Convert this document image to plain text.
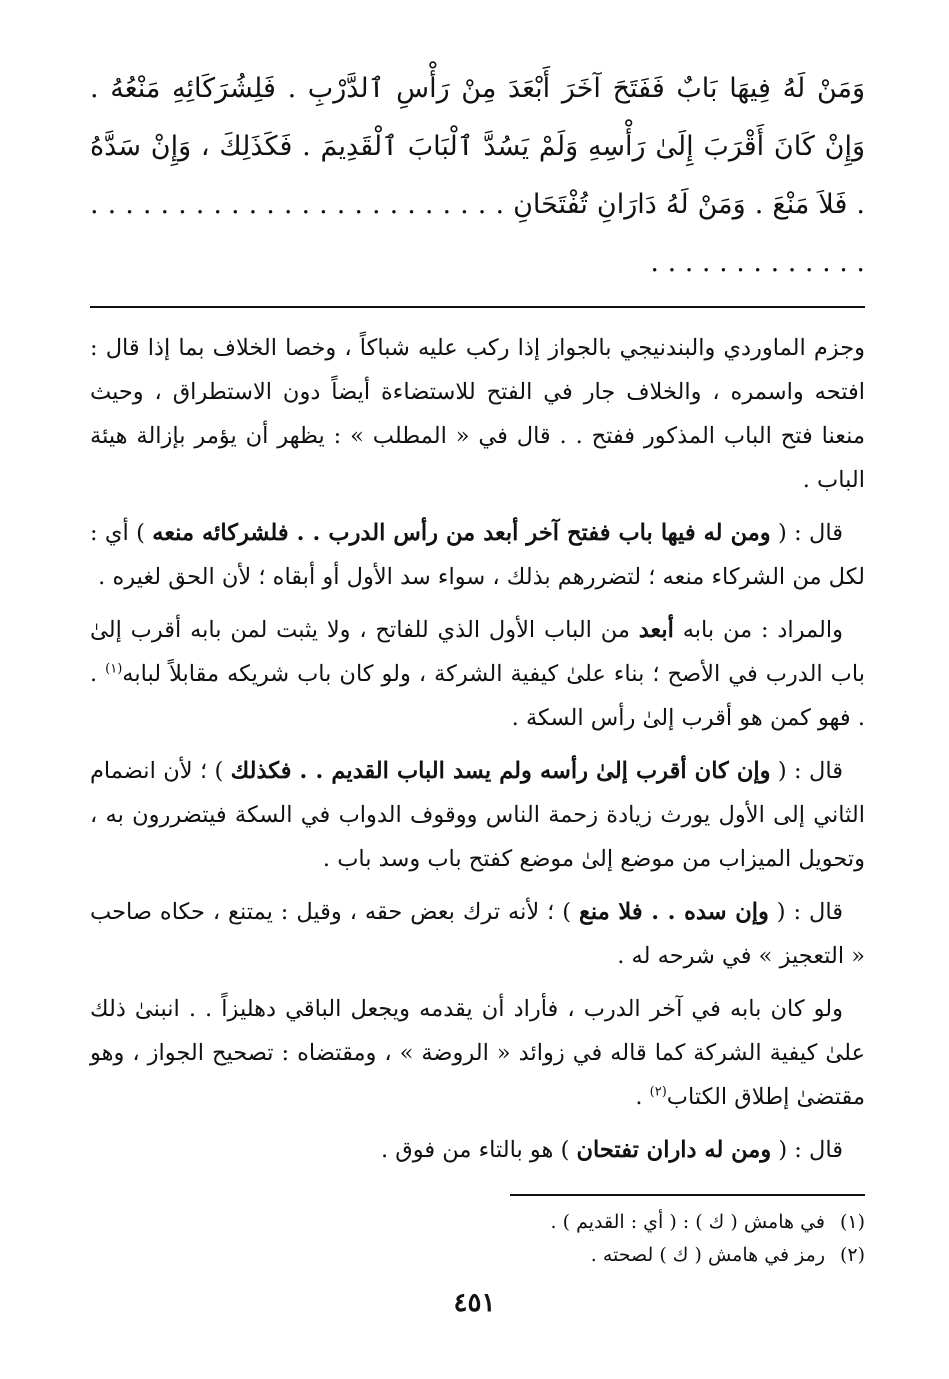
وَمَنْ لَهُ فِيهَا بَابٌ فَفَتَحَ آخَرَ أَبْعَدَ مِنْ رَأْسِ ٱلدَّرْبِ . فَلِشُرَكَائِهِ مَنْعُهُ . وَإِنْ كَانَ أَقْرَبَ إِلَىٰ رَأْسِهِ وَلَمْ يَسُدَّ ٱلْبَابَ ٱلْقَدِيمَ . فَكَذَلِكَ ، وَإِنْ سَدَّهُ . فَلاَ مَنْعَ . وَمَنْ لَهُ دَارَانِ تُفْتَحَانِ . . . . . . . . . . . . . . . . . . . . . . . . . . . . . . . . . . . . .

وجزم الماوردي والبندنيجي بالجواز إذا ركب عليه شباكاً ، وخصا الخلاف بما إذا قال : افتحه واسمره ، والخلاف جار في الفتح للاستضاءة أيضاً دون الاستطراق ، وحيث منعنا فتح الباب المذكور ففتح . . قال في « المطلب » : يظهر أن يؤمر بإزالة هيئة الباب .

قال : ( ومن له فيها باب ففتح آخر أبعد من رأس الدرب . . فلشركائه منعه ) أي : لكل من الشركاء منعه ؛ لتضررهم بذلك ، سواء سد الأول أو أبقاه ؛ لأن الحق لغيره .

والمراد : من بابه أبعد من الباب الأول الذي للفاتح ، ولا يثبت لمن بابه أقرب إلىٰ باب الدرب في الأصح ؛ بناء علىٰ كيفية الشركة ، ولو كان باب شريكه مقابلاً لبابه$^{(١)}$ . . فهو كمن هو أقرب إلىٰ رأس السكة .

قال : ( وإن كان أقرب إلىٰ رأسه ولم يسد الباب القديم . . فكذلك ) ؛ لأن انضمام الثاني إلى الأول يورث زيادة زحمة الناس ووقوف الدواب في السكة فيتضررون به ، وتحويل الميزاب من موضع إلىٰ موضع كفتح باب وسد باب .

قال : ( وإن سده . . فلا منع ) ؛ لأنه ترك بعض حقه ، وقيل : يمتنع ، حكاه صاحب « التعجيز » في شرحه له .

ولو كان بابه في آخر الدرب ، فأراد أن يقدمه ويجعل الباقي دهليزاً . . انبنىٰ ذلك علىٰ كيفية الشركة كما قاله في زوائد « الروضة » ، ومقتضاه : تصحيح الجواز ، وهو مقتضىٰ إطلاق الكتاب$^{(٢)}$ .

قال : ( ومن له داران تفتحان ) هو بالتاء من فوق .

(١)في هامش ( ك ) : ( أي : القديم ) .

(٢)رمز في هامش ( ك ) لصحته .

٤٥١
